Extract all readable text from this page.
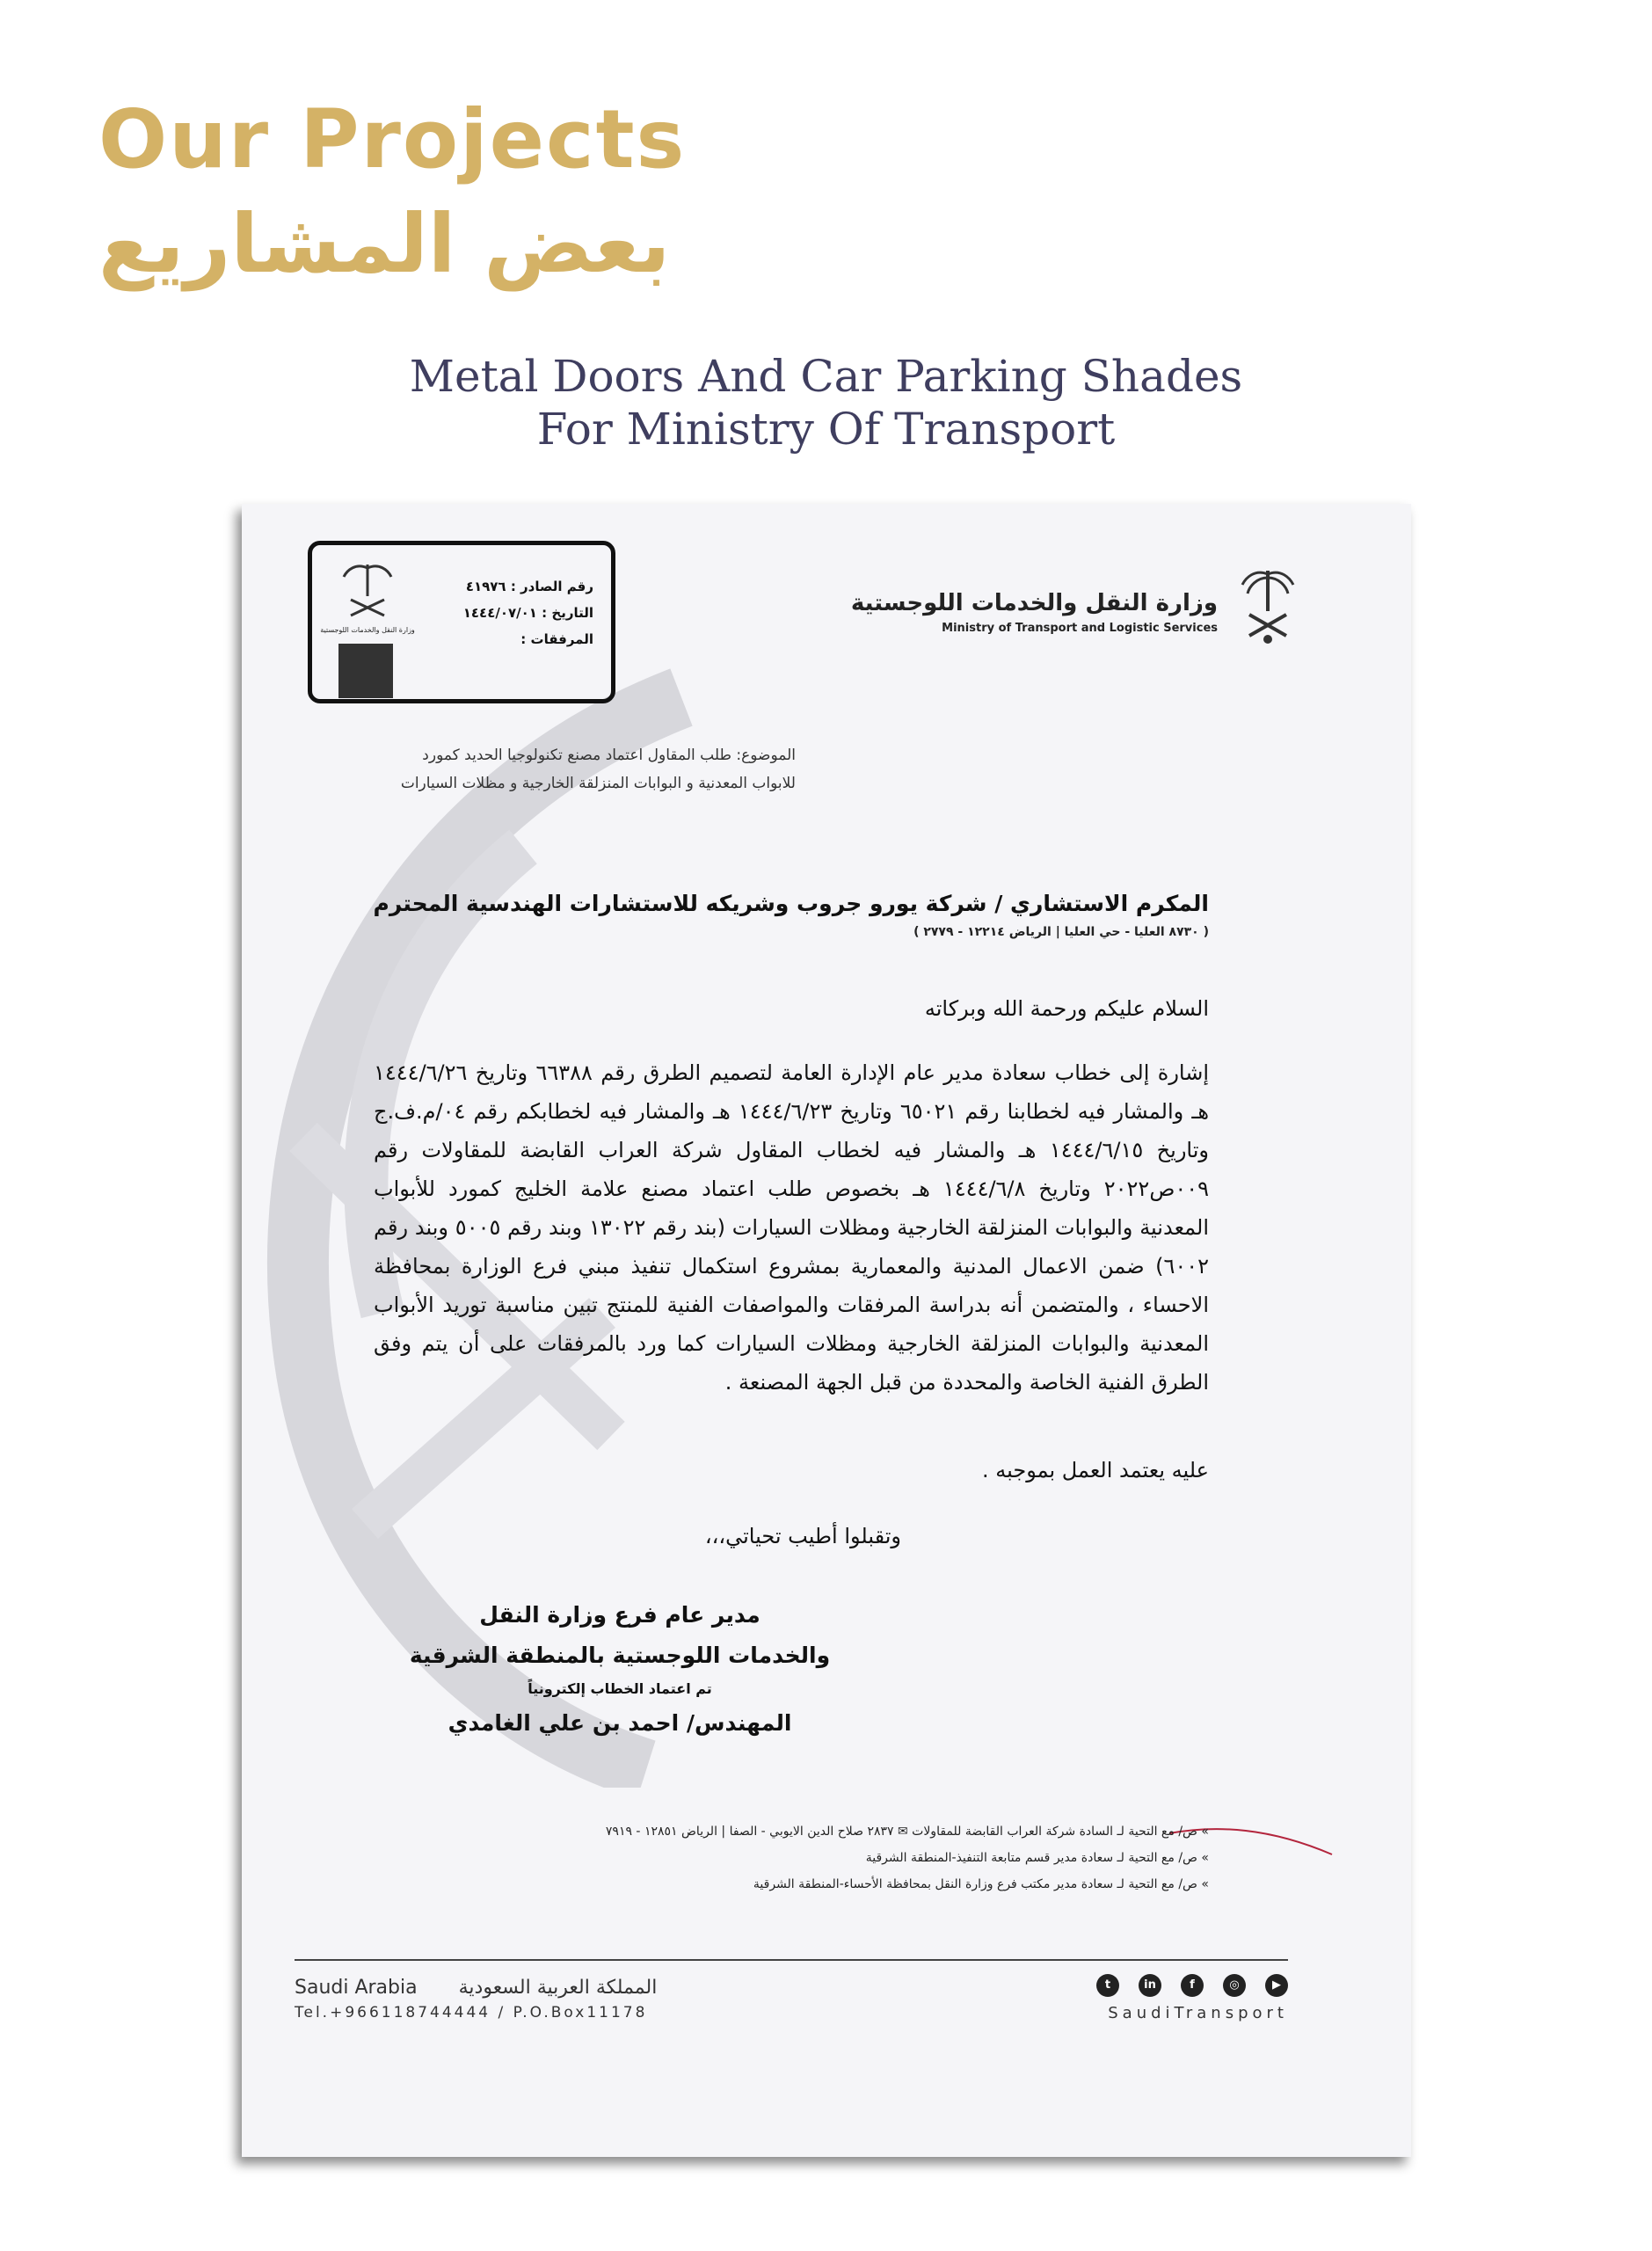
Our Projects
بعض المشاريع
Metal Doors And Car Parking Shades
For Ministry Of Transport
وزارة النقل والخدمات اللوجستية
Ministry of Transport and Logistic Services
وزارة النقل والخدمات اللوجستية
رقم الصادر : ٤١٩٧٦
التاريخ : ١٤٤٤/٠٧/٠١
المرفقات :
الموضوع: طلب المقاول اعتماد مصنع تكنولوجيا الحديد كمورد
للابواب المعدنية و البوابات المنزلقة الخارجية و مظلات السيارات
المكرم الاستشاري / شركة يورو جروب وشريكه للاستشارات الهندسية المحترم
( ٨٧٣٠ العليا - حي العليا | الرياض ١٢٢١٤ - ٢٧٧٩ )
السلام عليكم ورحمة الله وبركاته
إشارة إلى خطاب سعادة مدير عام الإدارة العامة لتصميم الطرق رقم ٦٦٣٨٨ وتاريخ ١٤٤٤/٦/٢٦ هـ والمشار فيه لخطابنا رقم ٦٥٠٢١ وتاريخ ١٤٤٤/٦/٢٣ هـ والمشار فيه لخطابكم رقم ٠٤/م.ف.ج وتاريخ ١٤٤٤/٦/١٥ هـ والمشار فيه لخطاب المقاول شركة العراب القابضة للمقاولات رقم ٠٠٩ص٢٠٢٢ وتاريخ ١٤٤٤/٦/٨ هـ بخصوص طلب اعتماد مصنع علامة الخليج كمورد للأبواب المعدنية والبوابات المنزلقة الخارجية ومظلات السيارات (بند رقم ١٣٠٢٢ وبند رقم ٥٠٠٥ وبند رقم ٦٠٠٢) ضمن الاعمال المدنية والمعمارية بمشروع استكمال تنفيذ مبني فرع الوزارة بمحافظة الاحساء ، والمتضمن أنه بدراسة المرفقات والمواصفات الفنية للمنتج تبين مناسبة توريد الأبواب المعدنية والبوابات المنزلقة الخارجية ومظلات السيارات كما ورد بالمرفقات على أن يتم وفق الطرق الفنية الخاصة والمحددة من قبل الجهة المصنعة .
عليه يعتمد العمل بموجبه .
وتقبلوا أطيب تحياتي،،،
مدير عام فرع وزارة النقل
والخدمات اللوجستية بالمنطقة الشرقية
تم اعتماد الخطاب إلكترونياً
المهندس/ احمد بن علي الغامدي
» ص/ مع التحية لـ السادة شركة العراب القابضة للمقاولات ✉ ٢٨٣٧ صلاح الدين الايوبي - الصفا | الرياض ١٢٨٥١ - ٧٩١٩
» ص/ مع التحية لـ سعادة مدير قسم متابعة التنفيذ-المنطقة الشرقية
» ص/ مع التحية لـ سعادة مدير مكتب فرع وزارة النقل بمحافظة الأحساء-المنطقة الشرقية
Saudi Arabia المملكة العربية السعودية
Tel.+966118744444 / P.O.Box11178
t	in	f	◎	▶
SaudiTransport
